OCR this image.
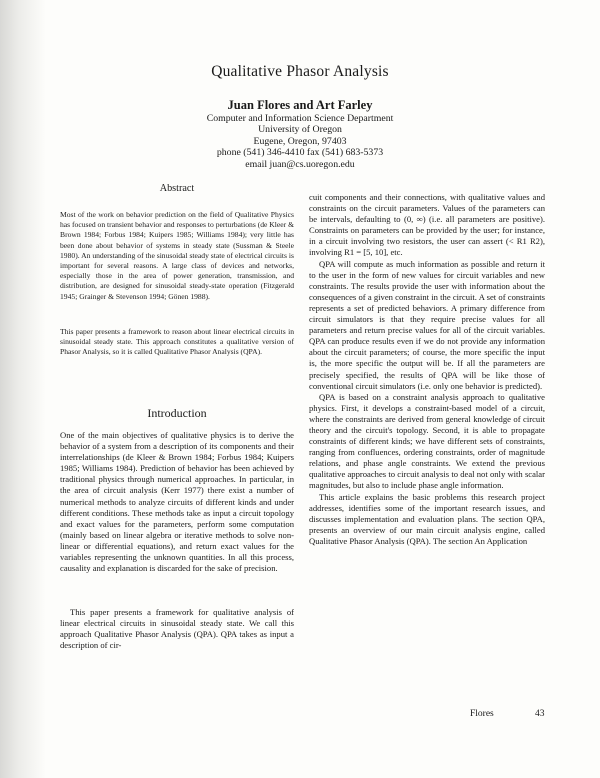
Qualitative Phasor Analysis
Juan Flores and Art Farley
Computer and Information Science Department
University of Oregon
Eugene, Oregon, 97403
phone (541) 346-4410 fax (541) 683-5373
email juan@cs.uoregon.edu
Abstract

Most of the work on behavior prediction on the field of Qualitative Physics has focused on transient behavior and responses to perturbations (de Kleer & Brown 1984; Forbus 1984; Kuipers 1985; Williams 1984); very little has been done about behavior of systems in steady state (Sussman & Steele 1980). An understanding of the sinusoidal steady state of electrical circuits is important for several reasons. A large class of devices and networks, especially those in the area of power generation, transmission, and distribution, are designed for sinusoidal steady-state operation (Fitzgerald 1945; Grainger & Stevenson 1994; Gönen 1988).

This paper presents a framework to reason about linear electrical circuits in sinusoidal steady state. This approach constitutes a qualitative version of Phasor Analysis, so it is called Qualitative Phasor Analysis (QPA).

Introduction

One of the main objectives of qualitative physics is to derive the behavior of a system from a description of its components and their interrelationships (de Kleer & Brown 1984; Forbus 1984; Kuipers 1985; Williams 1984). Prediction of behavior has been achieved by traditional physics through numerical approaches. In particular, in the area of circuit analysis (Kerr 1977) there exist a number of numerical methods to analyze circuits of different kinds and under different conditions. These methods take as input a circuit topology and exact values for the parameters, perform some computation (mainly based on linear algebra or iterative methods to solve non-linear or differential equations), and return exact values for the variables representing the unknown quantities. In all this process, causality and explanation is discarded for the sake of precision.

This paper presents a framework for qualitative analysis of linear electrical circuits in sinusoidal steady state. We call this approach Qualitative Phasor Analysis (QPA). QPA takes as input a description of cir-

cuit components and their connections, with qualitative values and constraints on the circuit parameters. Values of the parameters can be intervals, defaulting to (0, ∞) (i.e. all parameters are positive). Constraints on parameters can be provided by the user; for instance, in a circuit involving two resistors, the user can assert (< R1 R2), involving R1 = [5, 10], etc.

QPA will compute as much information as possible and return it to the user in the form of new values for circuit variables and new constraints. The results provide the user with information about the consequences of a given constraint in the circuit. A set of constraints represents a set of predicted behaviors. A primary difference from circuit simulators is that they require precise values for all parameters and return precise values for all of the circuit variables. QPA can produce results even if we do not provide any information about the circuit parameters; of course, the more specific the input is, the more specific the output will be. If all the parameters are precisely specified, the results of QPA will be like those of conventional circuit simulators (i.e. only one behavior is predicted).

QPA is based on a constraint analysis approach to qualitative physics. First, it develops a constraint-based model of a circuit, where the constraints are derived from general knowledge of circuit theory and the circuit's topology. Second, it is able to propagate constraints of different kinds; we have different sets of constraints, ranging from confluences, ordering constraints, order of magnitude relations, and phase angle constraints. We extend the previous qualitative approaches to circuit analysis to deal not only with scalar magnitudes, but also to include phase angle information.

This article explains the basic problems this research project addresses, identifies some of the important research issues, and discusses implementation and evaluation plans. The section QPA, presents an overview of our main circuit analysis engine, called Qualitative Phasor Analysis (QPA). The section An Application

Flores	43
